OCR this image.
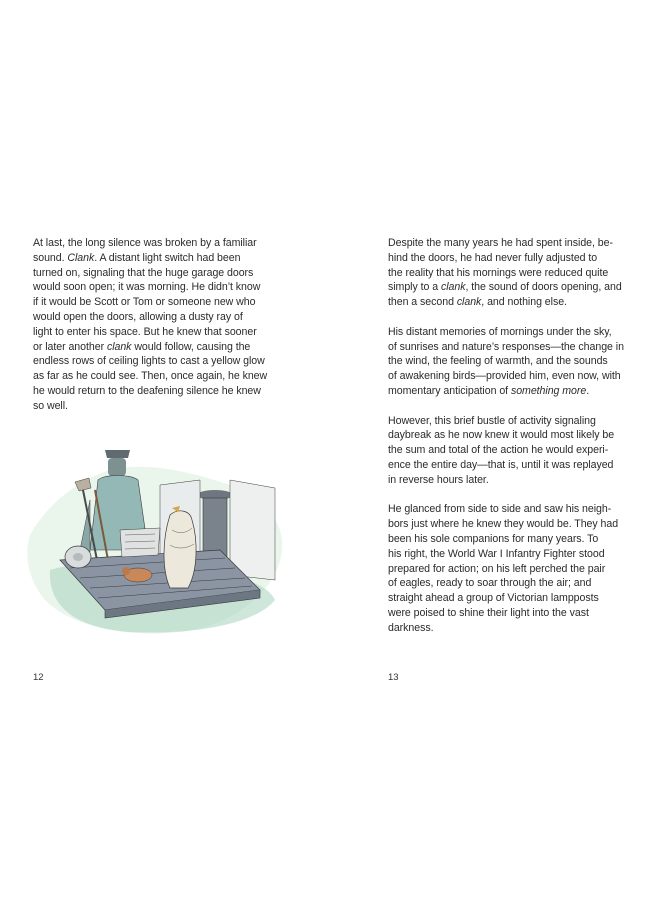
At last, the long silence was broken by a familiar
sound. Clank. A distant light switch had been
turned on, signaling that the huge garage doors
would soon open; it was morning. He didn’t know
if it would be Scott or Tom or someone new who
would open the doors, allowing a dusty ray of
light to enter his space. But he knew that sooner
or later another clank would follow, causing the
endless rows of ceiling lights to cast a yellow glow
as far as he could see. Then, once again, he knew
he would return to the deafening silence he knew
so well.
12
Despite the many years he had spent inside, be-
hind the doors, he had never fully adjusted to
the reality that his mornings were reduced quite
simply to a clank, the sound of doors opening, and
then a second clank, and nothing else.
His distant memories of mornings under the sky,
of sunrises and nature’s responses—the change in
the wind, the feeling of warmth, and the sounds
of awakening birds—provided him, even now, with
momentary anticipation of something more.
However, this brief bustle of activity signaling
daybreak as he now knew it would most likely be
the sum and total of the action he would experi-
ence the entire day—that is, until it was replayed
in reverse hours later.
He glanced from side to side and saw his neigh-
bors just where he knew they would be. They had
been his sole companions for many years. To
his right, the World War I Infantry Fighter stood
prepared for action; on his left perched the pair
of eagles, ready to soar through the air; and
straight ahead a group of Victorian lampposts
were poised to shine their light into the vast
darkness.
13
